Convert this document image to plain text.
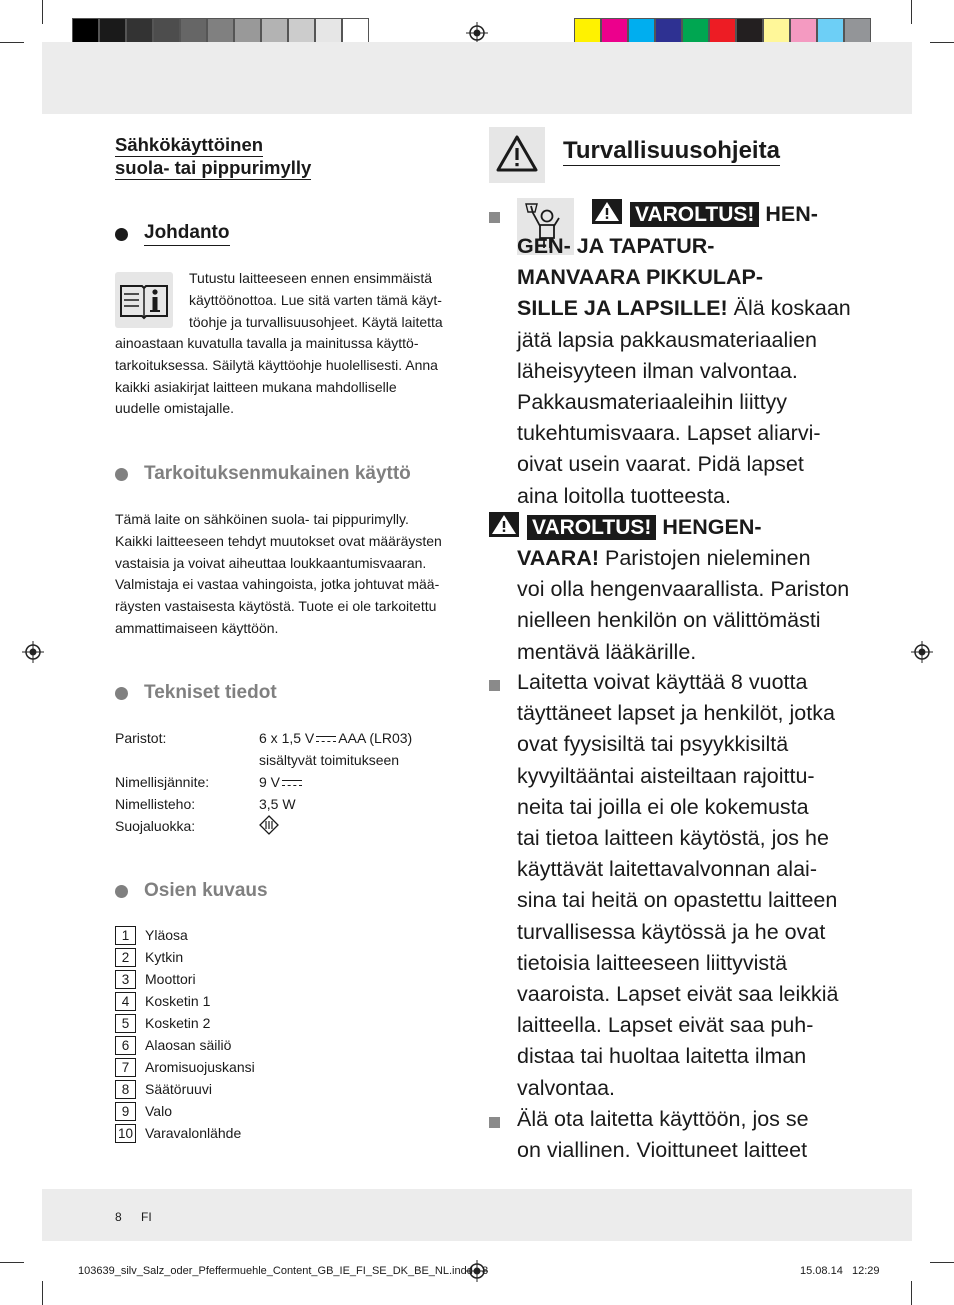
Sähkökäyttöinen
suola- tai pippurimylly
Johdanto
Tutustu laitteeseen ennen ensimmäistä
käyttöönottoa. Lue sitä varten tämä käyt-
töohje ja turvallisuusohjeet. Käytä laitetta
ainoastaan kuvatulla tavalla ja mainitussa käyttö-
tarkoituksessa. Säilytä käyttöohje huolellisesti. Anna
kaikki asiakirjat laitteen mukana mahdolliselle
uudelle omistajalle.
Tarkoituksenmukainen käyttö
Tämä laite on sähköinen suola- tai pippurimylly.
Kaikki laitteeseen tehdyt muutokset ovat määräysten
vastaisia ja voivat aiheuttaa loukkaantumisvaaran.
Valmistaja ei vastaa vahingoista, jotka johtuvat mää-
räysten vastaisesta käytöstä. Tuote ei ole tarkoitettu
ammattimaiseen käyttöön.
Tekniset tiedot
Paristot:	6 x 1,5 V AAA (LR03)
sisältyvät toimitukseen
Nimellisjännite:	9 V
Nimellisteho:	3,5 W
Suojaluokka:
Osien kuvaus
1	Yläosa
2	Kytkin
3	Moottori
4	Kosketin 1
5	Kosketin 2
6	Alaosan säiliö
7	Aromisuojuskansi
8	Säätöruuvi
9	Valo
10 Varavalonlähde
Turvallisuusohjeita
VAROLTUS! HEN-
GEN- JA TAPATUR-
MANVAARA PIKKULAP-
SILLE JA LAPSILLE! Älä koskaan
jätä lapsia pakkausmateriaalien
läheisyyteen ilman valvontaa.
Pakkausmateriaaleihin liittyy
tukehtumisvaara. Lapset aliarvi-
oivat usein vaarat. Pidä lapset
aina loitolla tuotteesta.
VAROLTUS! HENGEN-
VAARA! Paristojen nieleminen
voi olla hengenvaarallista. Pariston
nielleen henkilön on välittömästi
mentävä lääkärille.
Laitetta voivat käyttää 8 vuotta
täyttäneet lapset ja henkilöt, jotka
ovat fyysisiltä tai psyykkisiltä
kyvyiltääntai aisteiltaan rajoittu-
neita tai joilla ei ole kokemusta
tai tietoa laitteen käytöstä, jos he
käyttävät laitettavalvonnan alai-
sina tai heitä on opastettu laitteen
turvallisessa käytössä ja he ovat
tietoisia laitteeseen liittyvistä
vaaroista. Lapset eivät saa leikkiä
laitteella. Lapset eivät saa puh-
distaa tai huoltaa laitetta ilman
valvontaa.
Älä ota laitetta käyttöön, jos se
on viallinen. Vioittuneet laitteet
8 FI
103639_silv_Salz_oder_Pfeffermuehle_Content_GB_IE_FI_SE_DK_BE_NL.indd   8	15.08.14   12:29
